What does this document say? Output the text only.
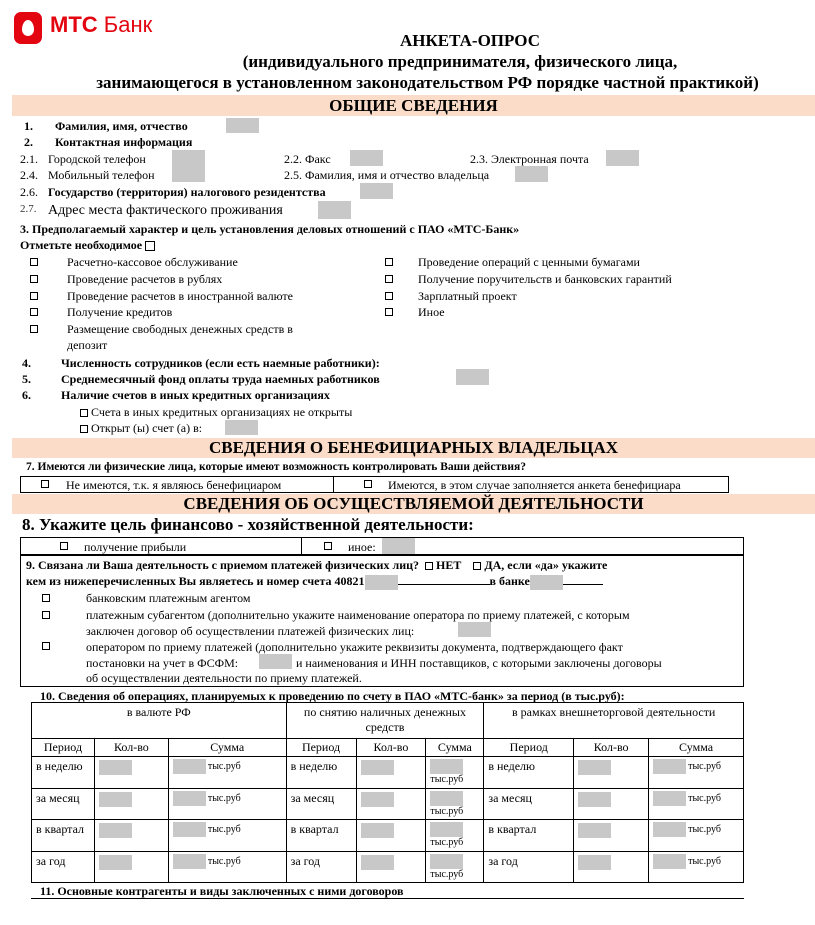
МТС Банк
АНКЕТА-ОПРОС
(индивидуального предпринимателя, физического лица,
занимающегося в установленном законодательством РФ порядке частной практикой)
ОБЩИЕ СВЕДЕНИЯ
1. Фамилия, имя, отчество
2. Контактная информация
2.1. Городской телефон	2.2. Факс	2.3. Электронная почта
2.4. Мобильный телефон	2.5. Фамилия, имя и отчество владельца
2.6. Государство (территория) налогового резидентства
2.7. Адрес места фактического проживания
3. Предполагаемый характер и цель установления деловых отношений с ПАО «МТС-Банк»
Отметьте необходимое
Расчетно-кассовое обслуживание
Проведение расчетов в рублях
Проведение расчетов в иностранной валюте
Получение кредитов
Размещение свободных денежных средств в
депозит
Проведение операций с ценными бумагами
Получение поручительств и банковских гарантий
Зарплатный проект
Иное
4.	Численность сотрудников (если есть наемные работники):
5.	Среднемесячный фонд оплаты труда наемных работников
6.	Наличие счетов в иных кредитных организациях
Счета в иных кредитных организациях не открыты
Открыт (ы) счет (а) в:
СВЕДЕНИЯ О БЕНЕФИЦИАРНЫХ ВЛАДЕЛЬЦАХ
7. Имеются ли физические лица, которые имеют возможность контролировать Ваши действия?
Не имеются, т.к. я являюсь бенефициаром	Имеются, в этом случае заполняется анкета бенефициара
СВЕДЕНИЯ ОБ ОСУЩЕСТВЛЯЕМОЙ ДЕЯТЕЛЬНОСТИ
8. Укажите цель финансово - хозяйственной деятельности:
получение прибыли	иное:
9. Связана ли Ваша деятельность с приемом платежей физических лиц? НЕТ ДА, если «да» укажите
кем из нижеперечисленных Вы являетесь и номер счета 40821	в банке
банковским платежным агентом
платежным субагентом (дополнительно укажите наименование оператора по приему платежей, с которым
заключен договор об осуществлении платежей физических лиц:
оператором по приему платежей (дополнительно укажите реквизиты документа, подтверждающего факт
постановки на учет в ФСФМ:	и наименования и ИНН поставщиков, с которыми заключены договоры
об осуществлении деятельности по приему платежей.
10. Сведения об операциях, планируемых к проведению по счету в ПАО «МТС-банк» за период (в тыс.руб):
в валюте РФ			по снятию наличных денежных средств			в рамках внешнеторговой деятельности		
Период	Кол-во	Сумма	Период	Кол-во	Сумма	Период	Кол-во	Сумма
в неделю		тыс.руб	в неделю		тыс.руб	в неделю		тыс.руб
за месяц		тыс.руб	за месяц		тыс.руб	за месяц		тыс.руб
в квартал		тыс.руб	в квартал		тыс.руб	в квартал		тыс.руб
за год		тыс.руб	за год		тыс.руб	за год		тыс.руб
11. Основные контрагенты и виды заключенных с ними договоров
